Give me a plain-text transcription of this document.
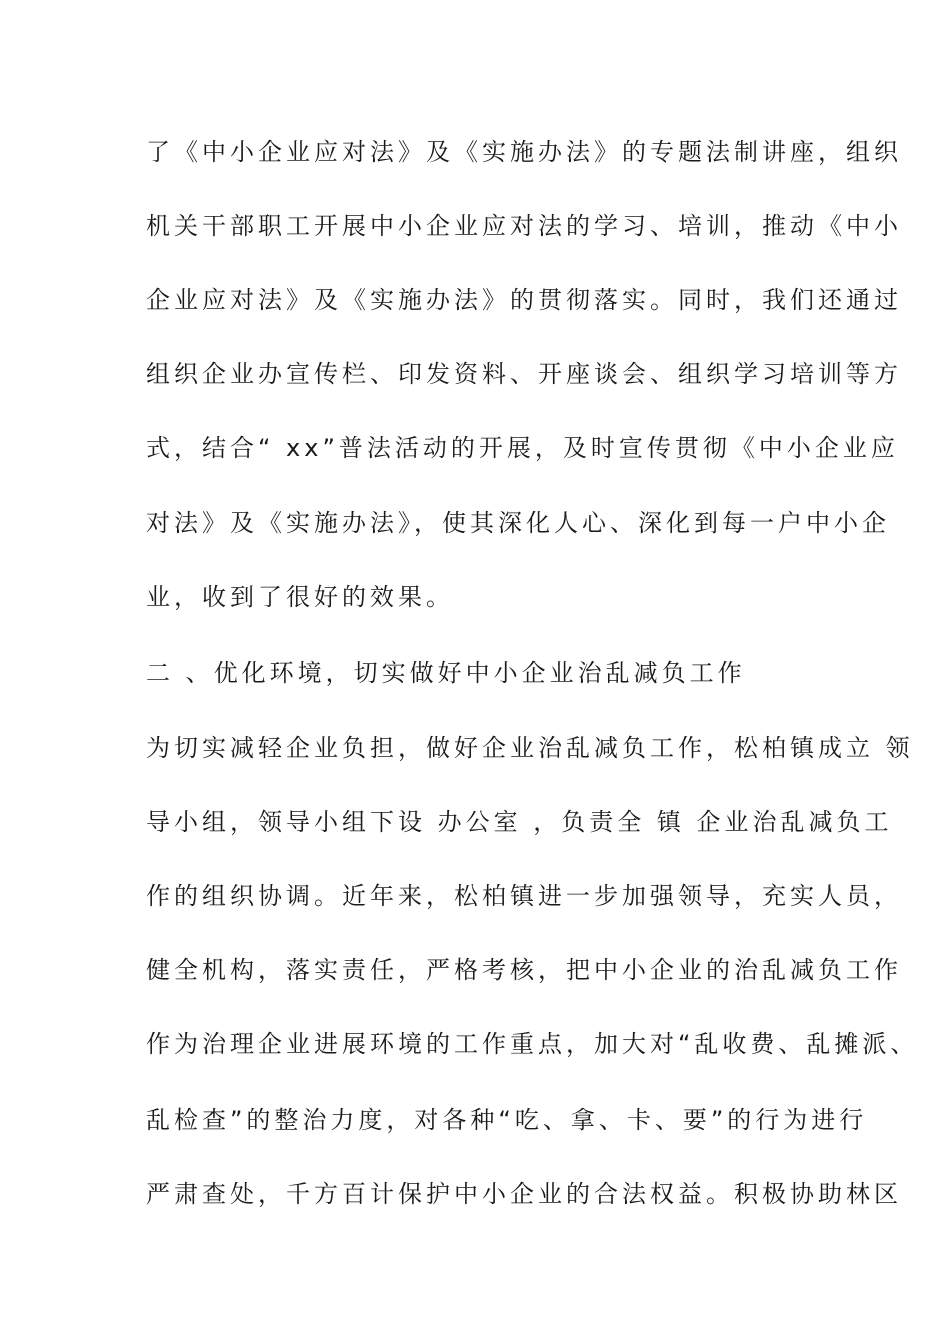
了《中小企业应对法》及《实施办法》的专题法制讲座，组织
机关干部职工开展中小企业应对法的学习、培训，推动《中小
企业应对法》及《实施办法》的贯彻落实。同时，我们还通过
组织企业办宣传栏、印发资料、开座谈会、组织学习培训等方
式，结合“ xx”普法活动的开展，及时宣传贯彻《中小企业应
对法》及《实施办法》，使其深化人心、深化到每一户中小企
业，收到了很好的效果。
二 、优化环境，切实做好中小企业治乱减负工作
为切实减轻企业负担，做好企业治乱减负工作，松柏镇成立 领
导小组，领导小组下设 办公室 ，负责全 镇 企业治乱减负工
作的组织协调。近年来，松柏镇进一步加强领导，充实人员，
健全机构，落实责任，严格考核，把中小企业的治乱减负工作
作为治理企业进展环境的工作重点，加大对“乱收费、乱摊派、
乱检查”的整治力度，对各种“吃、拿、卡、要”的行为进行
严肃查处，千方百计保护中小企业的合法权益。积极协助林区
